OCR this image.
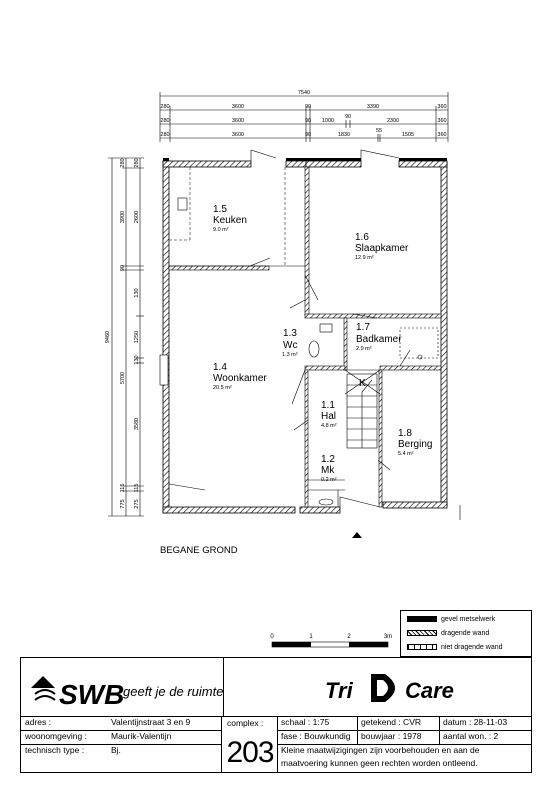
7540
280	3600	90	3390	360
280	3600	90 1000
90
2300	360
280	3600	90	1830
55
1505	360
9460
280
3900
90
5700
775
115
280
2600
130
1250
130
3580
115
275
1.5
Keuken
9.0 m²
1.6
Slaapkamer
12.9 m²
1.3
Wc
1.3 m²
1.7
Badkamer
2.9 m²
1.4
Woonkamer
20.5 m²
1.1
Hal
4.8 m²
1.8
Berging
5.4 m²
1.2
Mk
0.2 m²
K
BEGANE GROND
0	1	2	3m
gevel metselwerk
dragende wand
niet dragende wand
SWB
geeft je de ruimte	Tri Care
adres :	Valentijnstraat 3 en 9
woonomgeving :	Maurik-Valentijn
technisch type :	Bj.
complex :
203
schaal : 1:75	getekend : CVR	datum : 28-11-03
fase : Bouwkundig	bouwjaar : 1978	aantal won. : 2
Kleine maatwijzigingen zijn voorbehouden en aan de
maatvoering kunnen geen rechten worden ontleend.
